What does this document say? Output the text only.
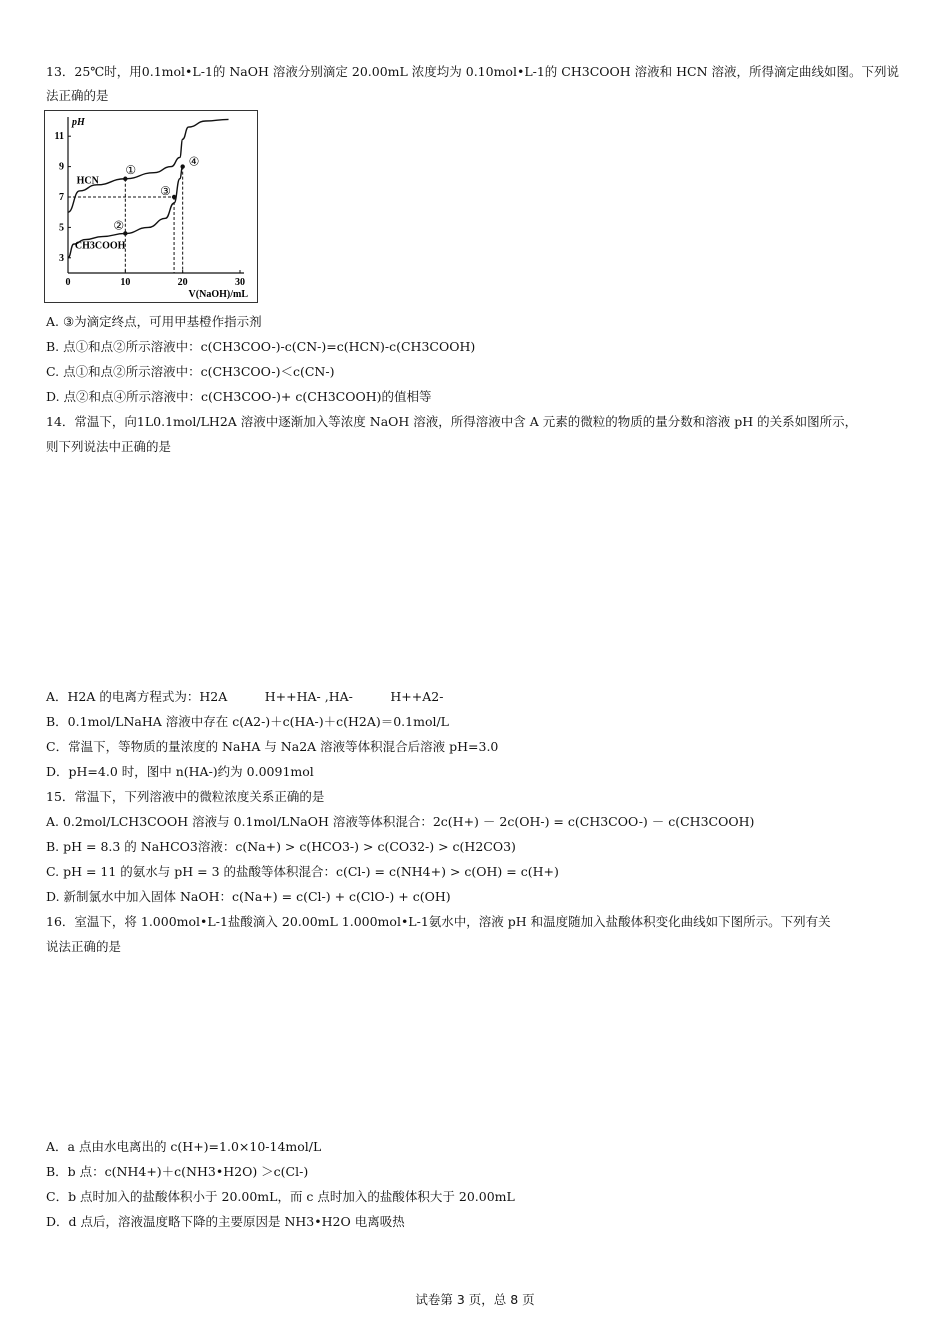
13．25℃时，用0.1mol•L-1的 NaOH 溶液分别滴定 20.00mL 浓度均为 0.10mol•L-1的 CH3COOH 溶液和 HCN 溶液，所得滴定曲线如图。下列说
法正确的是
pH
V(NaOH)/mL
0	10	20	30
3
5
7
9
11
HCN
CH3COOH
①
②
③
④
A. ③为滴定终点，可用甲基橙作指示剂
B. 点①和点②所示溶液中：c(CH3COO-)-c(CN-)=c(HCN)-c(CH3COOH)
C. 点①和点②所示溶液中：c(CH3COO-)＜c(CN-)
D. 点②和点④所示溶液中：c(CH3COO-)+ c(CH3COOH)的值相等
14．常温下，向1L0.1mol/LH2A 溶液中逐渐加入等浓度 NaOH 溶液，所得溶液中含 A 元素的微粒的物质的量分数和溶液 pH 的关系如图所示，
则下列说法中正确的是
A．H2A 的电离方程式为：H2A　　　H++HA- ,HA-　　　H++A2-
B．0.1mol/LNaHA 溶液中存在 c(A2-)＋c(HA-)＋c(H2A)＝0.1mol/L
C．常温下，等物质的量浓度的 NaHA 与 Na2A 溶液等体积混合后溶液 pH=3.0
D．pH=4.0 时，图中 n(HA-)约为 0.0091mol
15．常温下，下列溶液中的微粒浓度关系正确的是
A. 0.2mol/LCH3COOH 溶液与 0.1mol/LNaOH 溶液等体积混合：2c(H+) － 2c(OH-) = c(CH3COO-) － c(CH3COOH)
B. pH = 8.3 的 NaHCO3溶液：c(Na+) > c(HCO3-) > c(CO32-) > c(H2CO3)
C. pH = 11 的氨水与 pH = 3 的盐酸等体积混合：c(Cl-) = c(NH4+) > c(OH) = c(H+)
D. 新制氯水中加入固体 NaOH：c(Na+) = c(Cl-) + c(ClO-) + c(OH)
16．室温下，将 1.000mol•L-1盐酸滴入 20.00mL 1.000mol•L-1氨水中，溶液 pH 和温度随加入盐酸体积变化曲线如下图所示。下列有关
说法正确的是
A．a 点由水电离出的 c(H+)=1.0×10-14mol/L
B．b 点：c(NH4+)＋c(NH3•H2O) ＞c(Cl-)
C．b 点时加入的盐酸体积小于 20.00mL，而 c 点时加入的盐酸体积大于 20.00mL
D．d 点后，溶液温度略下降的主要原因是 NH3•H2O 电离吸热
试卷第 3 页，总 8 页
